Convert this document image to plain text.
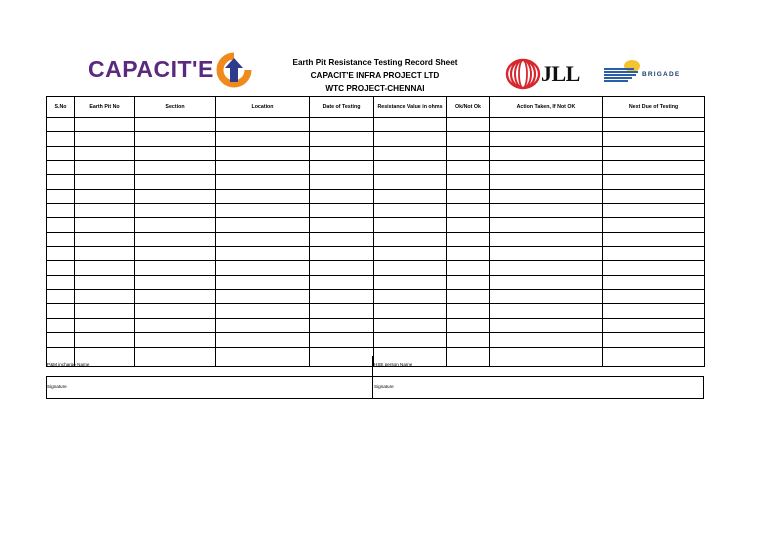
CAPACIT'E	Earth Pit Resistance Testing Record Sheet
CAPACIT'E INFRA PROJECT LTD
WTC PROJECT-CHENNAI
JLL	BRIGADE
S.No	Earth Pit No	Section	Location	Date of Testing	Resistance Value in ohms	Ok/Not Ok	Action Taken, If Not OK	Next Due of Testing

P&M incharge Name	HSE person Name
Signature	Signature
